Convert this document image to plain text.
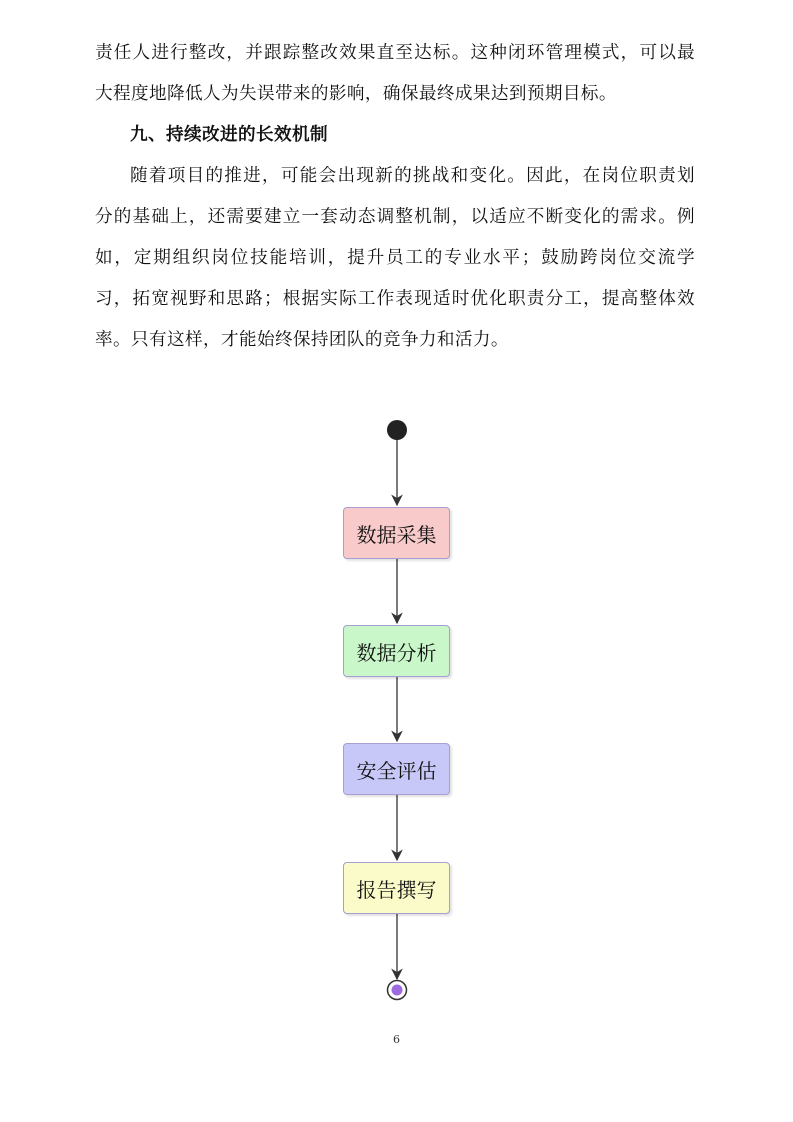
责任人进行整改，并跟踪整改效果直至达标。这种闭环管理模式，可以最
大程度地降低人为失误带来的影响，确保最终成果达到预期目标。
九、持续改进的长效机制
随着项目的推进，可能会出现新的挑战和变化。因此，在岗位职责划
分的基础上，还需要建立一套动态调整机制，以适应不断变化的需求。例
如，定期组织岗位技能培训，提升员工的专业水平；鼓励跨岗位交流学
习，拓宽视野和思路；根据实际工作表现适时优化职责分工，提高整体效
率。只有这样，才能始终保持团队的竞争力和活力。
数据采集
数据分析
安全评估
报告撰写
6
